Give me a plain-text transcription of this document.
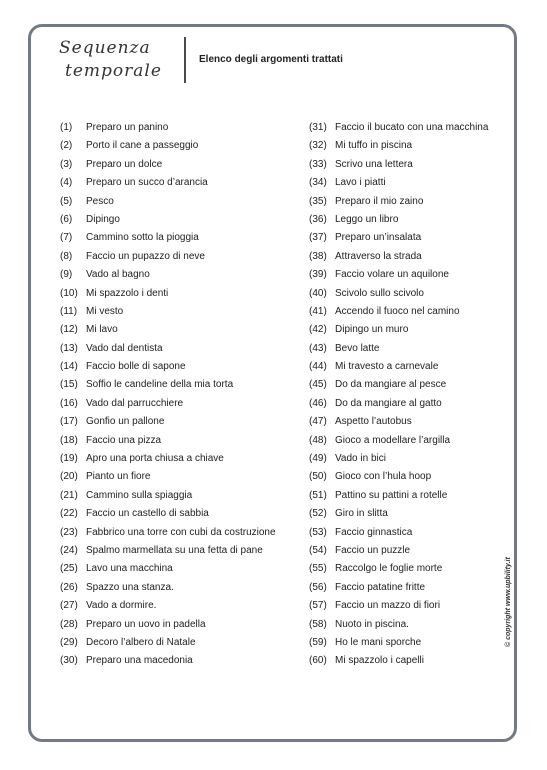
Sequenza
temporale
Elenco degli argomenti trattati
(1)	Preparo un panino
(2)	Porto il cane a passeggio
(3)	Preparo un dolce
(4)	Preparo un succo d’arancia
(5)	Pesco
(6)	Dipingo
(7)	Cammino sotto la pioggia
(8)	Faccio un pupazzo di neve
(9)	Vado al bagno
(10) Mi spazzolo i denti
(11) Mi vesto
(12) Mi lavo
(13) Vado dal dentista
(14) Faccio bolle di sapone
(15) Soffio le candeline della mia torta
(16) Vado dal parrucchiere
(17) Gonfio un pallone
(18) Faccio una pizza
(19) Apro una porta chiusa a chiave
(20) Pianto un fiore
(21) Cammino sulla spiaggia
(22) Faccio un castello di sabbia
(23) Fabbrico una torre con cubi da costruzione
(24) Spalmo marmellata su una fetta di pane
(25) Lavo una macchina
(26) Spazzo una stanza.
(27) Vado a dormire.
(28) Preparo un uovo in padella
(29) Decoro l’albero di Natale
(30) Preparo una macedonia
(31) Faccio il bucato con una macchina
(32) Mi tuffo in piscina
(33) Scrivo una lettera
(34) Lavo i piatti
(35) Preparo il mio zaino
(36) Leggo un libro
(37) Preparo un’insalata
(38) Attraverso la strada
(39) Faccio volare un aquilone
(40) Scivolo sullo scivolo
(41) Accendo il fuoco nel camino
(42) Dipingo un muro
(43) Bevo latte
(44) Mi travesto a carnevale
(45) Do da mangiare al pesce
(46) Do da mangiare al gatto
(47) Aspetto l’autobus
(48) Gioco a modellare l’argilla
(49) Vado in bici
(50) Gioco con l’hula hoop
(51) Pattino su pattini a rotelle
(52) Giro in slitta
(53) Faccio ginnastica
(54) Faccio un puzzle
(55) Raccolgo le foglie morte
(56) Faccio patatine fritte
(57) Faccio un mazzo di fiori
(58) Nuoto in piscina.
(59) Ho le mani sporche
(60) Mi spazzolo i capelli
© copyright www.upbility.it
